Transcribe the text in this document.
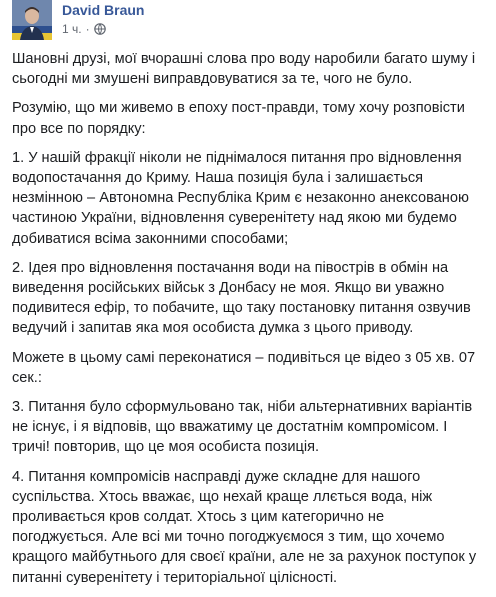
David Braun
1 ч. ·

Шановні друзі, мої вчорашні слова про воду наробили багато шуму і
сьогодні ми змушені виправдовуватися за те, чого не було.

Розумію, що ми живемо в епоху пост-правди, тому хочу розповісти
про все по порядку:

1. У нашій фракції ніколи не піднімалося питання про відновлення
водопостачання до Криму. Наша позиція була і залишається
незмінною – Автономна Республіка Крим є незаконно анексованою
частиною України, відновлення суверенітету над якою ми будемо
добиватися всіма законними способами;

2. Ідея про відновлення постачання води на півострів в обмін на
виведення російських військ з Донбасу не моя. Якщо ви уважно
подивитеся ефір, то побачите, що таку постановку питання озвучив
ведучий і запитав яка моя особиста думка з цього приводу.

Можете в цьому самі переконатися – подивіться це відео з 05 хв. 07
сек.:

3. Питання було сформульовано так, ніби альтернативних варіантів
не існує, і я відповів, що вважатиму це достатнім компромісом. І
тричі! повторив, що це моя особиста позиція.

4. Питання компромісів насправді дуже складне для нашого
суспільства. Хтось вважає, що нехай краще ллється вода, ніж
проливається кров солдат. Хтось з цим категорично не
погоджується. Але всі ми точно погоджуємося з тим, що хочемо
кращого майбутнього для своєї країни, але не за рахунок поступок у
питанні суверенітету і територіальної цілісності.
